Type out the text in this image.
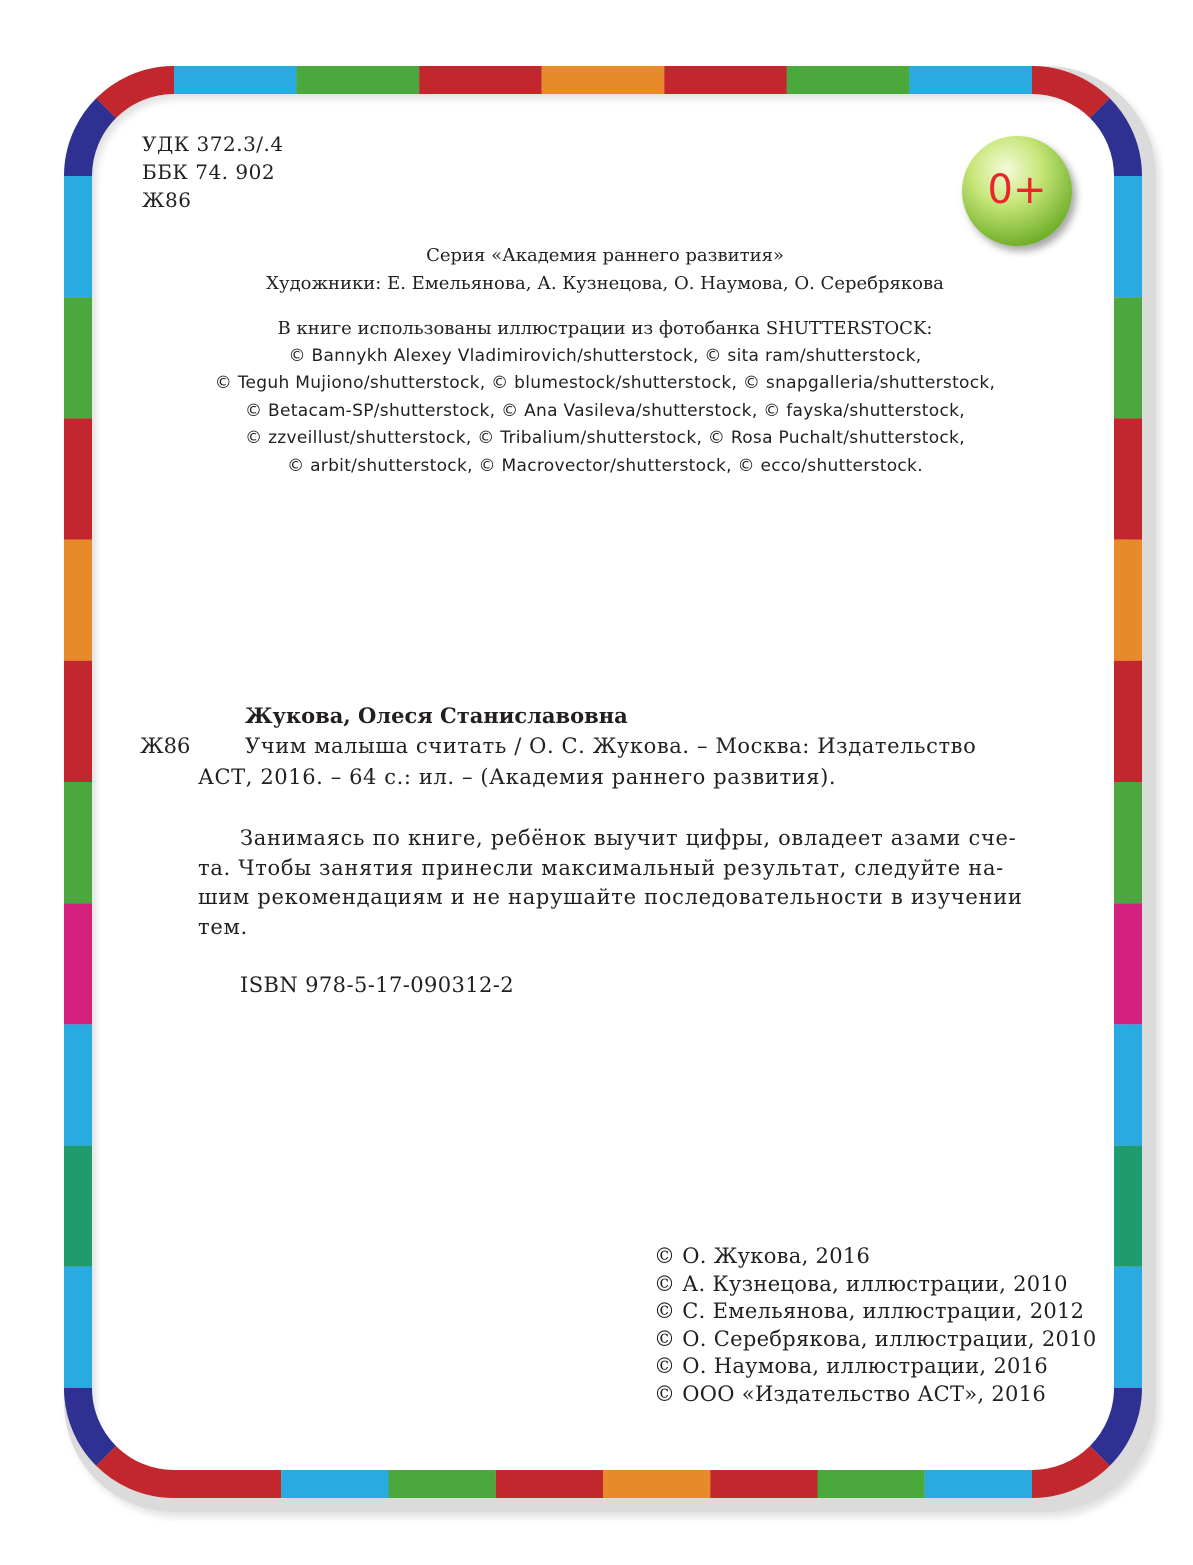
0+
УДК 372.3/.4
ББК 74. 902
Ж86
Серия «Академия раннего развития»
Художники: Е. Емельянова, А. Кузнецова, О. Наумова, О. Серебрякова
В книге использованы иллюстрации из фотобанка SHUTTERSTOCK:
© Bannykh Alexey Vladimirovich/shutterstock, © sita ram/shutterstock,
© Teguh Mujiono/shutterstock, © blumestock/shutterstock, © snapgalleria/shutterstock,
© Betacam-SP/shutterstock, © Ana Vasileva/shutterstock, © fayska/shutterstock,
© zzveillust/shutterstock, © Tribalium/shutterstock, © Rosa Puchalt/shutterstock,
© arbit/shutterstock, © Macrovector/shutterstock, © ecco/shutterstock.
Жукова, Олеся Станиславовна
Ж86	Учим малыша считать / О. С. Жукова. – Москва: Издательство
АСТ, 2016. – 64 с.: ил. – (Академия раннего развития).
Занимаясь по книге, ребёнок выучит цифры, овладеет азами сче-
та. Чтобы занятия принесли максимальный результат, следуйте на-
шим рекомендациям и не нарушайте последовательности в изучении
тем.
ISBN 978-5-17-090312-2
© О. Жукова, 2016
© А. Кузнецова, иллюстрации, 2010
© С. Емельянова, иллюстрации, 2012
© О. Серебрякова, иллюстрации, 2010
© О. Наумова, иллюстрации, 2016
© ООО «Издательство АСТ», 2016
